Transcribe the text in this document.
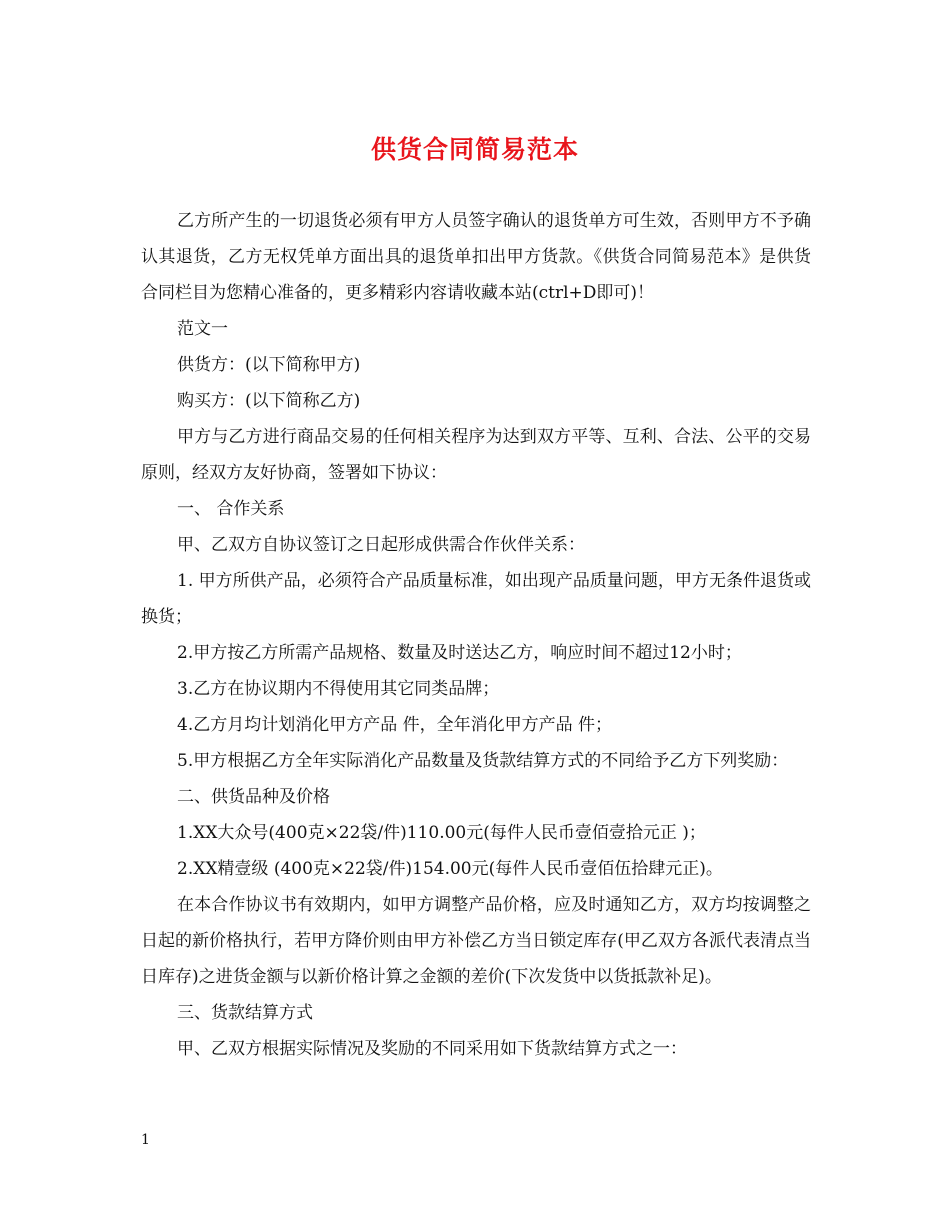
供货合同简易范本

乙方所产生的一切退货必须有甲方人员签字确认的退货单方可生效，否则甲方不予确认其退货，乙方无权凭单方面出具的退货单扣出甲方货款。《供货合同简易范本》是供货合同栏目为您精心准备的，更多精彩内容请收藏本站(ctrl+D即可)！

范文一

供货方：(以下简称甲方)

购买方：(以下简称乙方)

甲方与乙方进行商品交易的任何相关程序为达到双方平等、互利、合法、公平的交易原则，经双方友好协商，签署如下协议：

一、 合作关系

甲、乙双方自协议签订之日起形成供需合作伙伴关系：

1. 甲方所供产品，必须符合产品质量标准，如出现产品质量问题，甲方无条件退货或换货；

2.甲方按乙方所需产品规格、数量及时送达乙方，响应时间不超过12小时；

3.乙方在协议期内不得使用其它同类品牌；

4.乙方月均计划消化甲方产品 件，全年消化甲方产品 件；

5.甲方根据乙方全年实际消化产品数量及货款结算方式的不同给予乙方下列奖励：

二、供货品种及价格

1.XX大众号(400克×22袋/件)110.00元(每件人民币壹佰壹拾元正 )；

2.XX精壹级 (400克×22袋/件)154.00元(每件人民币壹佰伍拾肆元正)。

在本合作协议书有效期内，如甲方调整产品价格，应及时通知乙方，双方均按调整之日起的新价格执行，若甲方降价则由甲方补偿乙方当日锁定库存(甲乙双方各派代表清点当日库存)之进货金额与以新价格计算之金额的差价(下次发货中以货抵款补足)。

三、货款结算方式

甲、乙双方根据实际情况及奖励的不同采用如下货款结算方式之一：

1
